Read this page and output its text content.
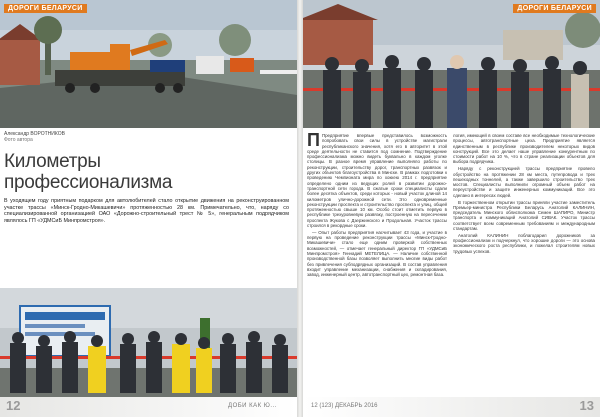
ДОРОГИ БЕЛАРУСИ
Александр ВОРОТНИКОВ
Фото автора
Километры
профессионализма
В уходящем году приятным подарком для автолюбителей стало открытие движения на реконструированном участке трассы «Минск-Гродно-Микашевичи» протяженностью 28 км. Примечательно, что, наряду со специализированной организацией ОАО «Дорожно-строительный трест № 5», генеральным подрядчиком являлось ГП «УДМСиБ Минпромстроя».
12	ДОБИ КАК Ю...
ДОРОГИ БЕЛАРУСИ

П Предприятие впервые представилось возможность попробовать свои силы в устройстве магистрали республиканского значения, хотя его в авторитет в этой среде деятельности не ставится под сомнение. Подтверждение профессионализма можно видеть буквально в каждом уголке столицы. В разное время управление выполняло работы по реконструкции, строительству дорог, транспортных развязок и других объектов благоустройства в Минске. В рамках подготовки к проведению Чемпионата мира по хоккею 2014 г. предприятие определено одним из ведущих ролей в развитии дорожно-транспортной сети города. В сжатые сроки специалисты сдали более десятка объектов, среди которых - новый участок длиной 14 километров улично-дорожной сети. Это одновременные реконструкции проспекта и строительство проспекта и улиц, общей протяженностью свыше 10 км. Особо стоит отметить первую в республике трехуровневую развязку, построенную на пересечении проспекта Жукова с Дзержинского и Продольная. Участок трассы строился в рекордные сроки.

— Опыт работы предприятия насчитывает 43 года, и участие в первую на проведение реконструкции трассы «Минск-Гродно-Микашевичи» стало еще одним проверкой собственных возможностей, — отмечает генеральный директор ГП «УДМСиБ Минпромстроя» Геннадий МЕТЕЛИЦА. — Наличие собственной производственной базы позволяет выполнить многие виды работ без привлечения субподрядных организаций. В состав управления входит управление механизации, снабжения и складирования, завод, инженерный центр, автотранспортный цех, ремонтная база.

логия, имеющей в своем составе все необходимые технологические процессы, автотранспортные цеха. Предприятие является единственным в республике производителем некоторых видов конструкций. Все это делает наше управление конкурентным по стоимости работ на 10 %, что в стране реализации объектов для выбора подрядчика.

Наряду с реконструкцией трассы предприятие провело обустройство на протяжении 28 км места, путепровода и трех пешеходных тоннелей, а также завершило строительство трех мостов. Специалисты выполнили огромный объем работ на переустройстве и защите инженерных коммуникаций. Все это сделано в интересах людей.

В торжественном открытии трассы приняли участие заместитель Премьер-министра Республики Беларусь Анатолий КАЛИНИН, председатель Минского облисполкома Семен ШАПИРО, Министр транспорта и коммуникаций Анатолий СИВАК. Участок трассы соответствует всем современным требованиям и международным стандартам.

Анатолий КАЛИНИН поблагодарил дорожников за профессионализм и подчеркнул, что хорошие дороги — это основа экономического роста республики, и пожелал строителям новых трудовых успехов.

12 (123) ДЕКАБРЬ 2016	13
